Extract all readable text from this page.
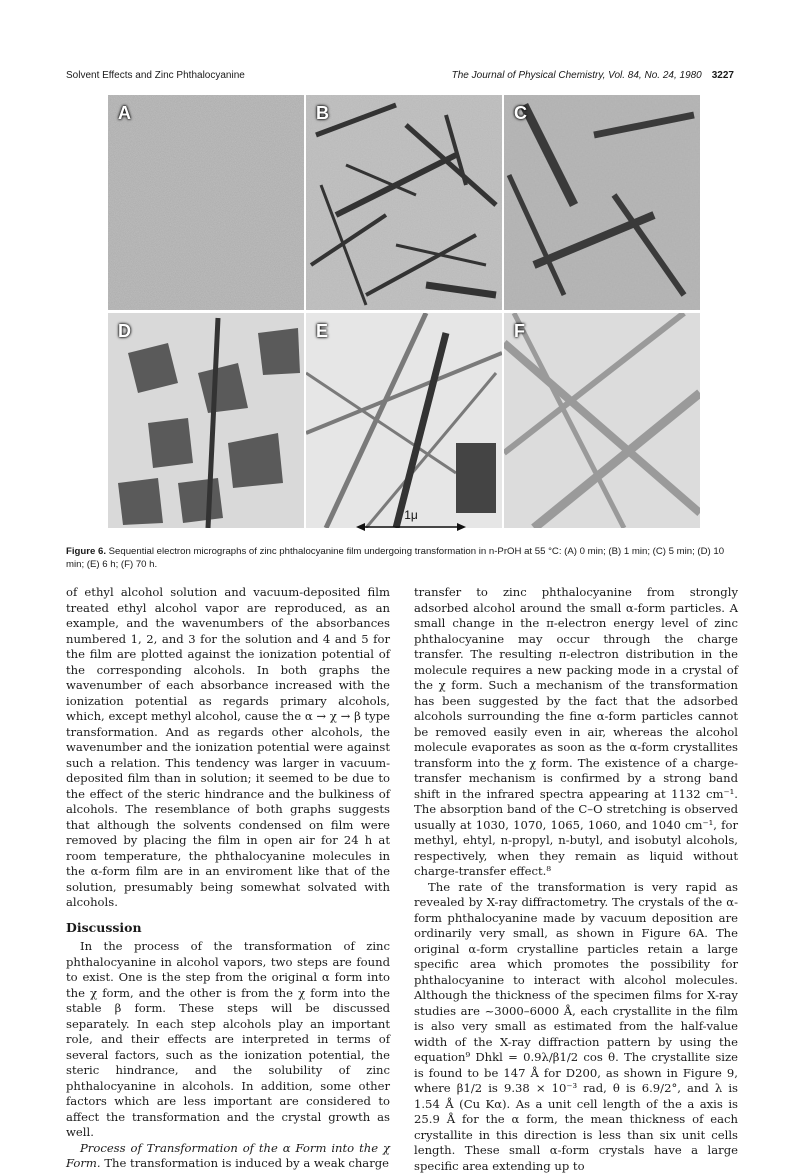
Solvent Effects and Zinc Phthalocyanine	The Journal of Physical Chemistry, Vol. 84, No. 24, 1980 3227
A	B	C
D	E	F
1μ
Figure 6. Sequential electron micrographs of zinc phthalocyanine film undergoing transformation in n-PrOH at 55 °C: (A) 0 min; (B) 1 min; (C) 5 min; (D) 10 min; (E) 6 h; (F) 70 h.

of ethyl alcohol solution and vacuum-deposited film treated ethyl alcohol vapor are reproduced, as an example, and the wavenumbers of the absorbances numbered 1, 2, and 3 for the solution and 4 and 5 for the film are plotted against the ionization potential of the corresponding alcohols. In both graphs the wavenumber of each absorbance increased with the ionization potential as regards primary alcohols, which, except methyl alcohol, cause the α → χ → β type transformation. And as regards other alcohols, the wavenumber and the ionization potential were against such a relation. This tendency was larger in vacuum-deposited film than in solution; it seemed to be due to the effect of the steric hindrance and the bulkiness of alcohols. The resemblance of both graphs suggests that although the solvents condensed on film were removed by placing the film in open air for 24 h at room temperature, the phthalocyanine molecules in the α-form film are in an enviroment like that of the solution, presumably being somewhat solvated with alcohols.

Discussion

In the process of the transformation of zinc phthalocyanine in alcohol vapors, two steps are found to exist. One is the step from the original α form into the χ form, and the other is from the χ form into the stable β form. These steps will be discussed separately. In each step alcohols play an important role, and their effects are interpreted in terms of several factors, such as the ionization potential, the steric hindrance, and the solubility of zinc phthalocyanine in alcohols. In addition, some other factors which are less important are considered to affect the transformation and the crystal growth as well.

Process of Transformation of the α Form into the χ Form. The transformation is induced by a weak charge

transfer to zinc phthalocyanine from strongly adsorbed alcohol around the small α-form particles. A small change in the π-electron energy level of zinc phthalocyanine may occur through the charge transfer. The resulting π-electron distribution in the molecule requires a new packing mode in a crystal of the χ form. Such a mechanism of the transformation has been suggested by the fact that the adsorbed alcohols surrounding the fine α-form particles cannot be removed easily even in air, whereas the alcohol molecule evaporates as soon as the α-form crystallites transform into the χ form. The existence of a charge-transfer mechanism is confirmed by a strong band shift in the infrared spectra appearing at 1132 cm⁻¹. The absorption band of the C–O stretching is observed usually at 1030, 1070, 1065, 1060, and 1040 cm⁻¹, for methyl, ehtyl, n-propyl, n-butyl, and isobutyl alcohols, respectively, when they remain as liquid without charge-transfer effect.⁸

The rate of the transformation is very rapid as revealed by X-ray diffractometry. The crystals of the α-form phthalocyanine made by vacuum deposition are ordinarily very small, as shown in Figure 6A. The original α-form crystalline particles retain a large specific area which promotes the possibility for phthalocyanine to interact with alcohol molecules. Although the thickness of the specimen films for X-ray studies are ~3000–6000 Å, each crystallite in the film is also very small as estimated from the half-value width of the X-ray diffraction pattern by using the equation⁹ Dhkl = 0.9λ/β1/2 cos θ. The crystallite size is found to be 147 Å for D200, as shown in Figure 9, where β1/2 is 9.38 × 10⁻³ rad, θ is 6.9/2°, and λ is 1.54 Å (Cu Kα). As a unit cell length of the a axis is 25.9 Å for the α form, the mean thickness of each crystallite in this direction is less than six unit cells length. These small α-form crystals have a large specific area extending up to
